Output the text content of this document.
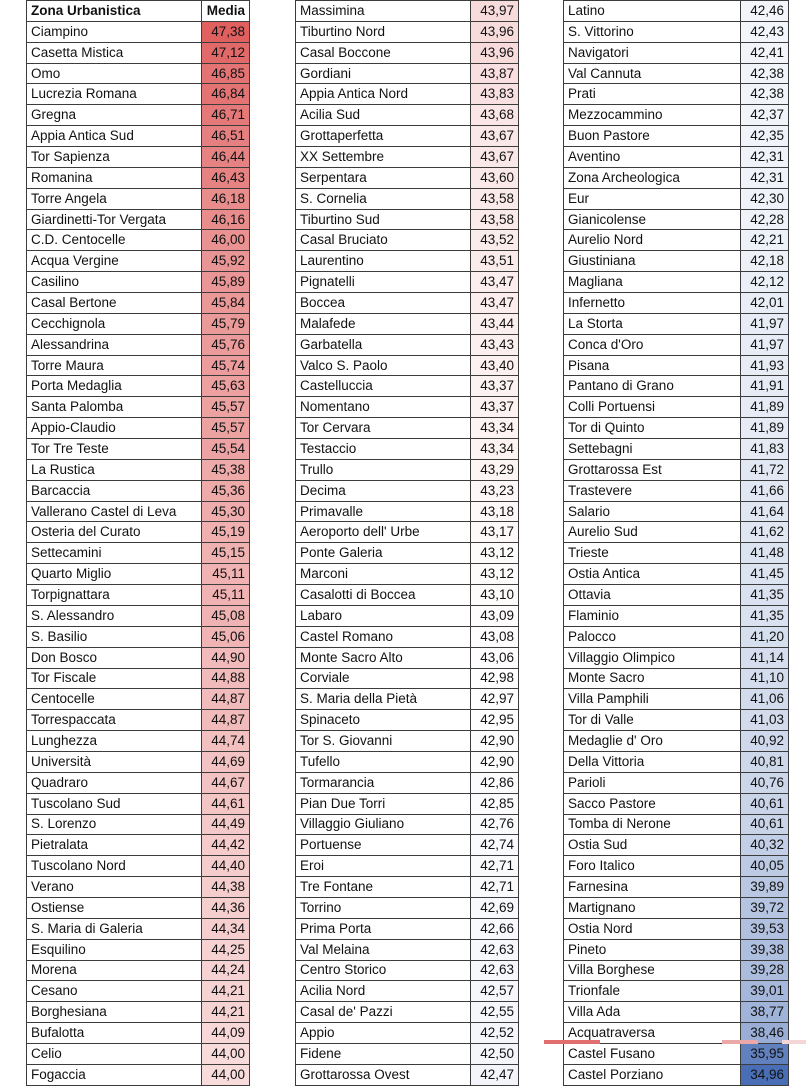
Zona Urbanistica	Media
Ciampino	47,38
Casetta Mistica	47,12
Omo	46,85
Lucrezia Romana	46,84
Gregna	46,71
Appia Antica Sud	46,51
Tor Sapienza	46,44
Romanina	46,43
Torre Angela	46,18
Giardinetti-Tor Vergata	46,16
C.D. Centocelle	46,00
Acqua Vergine	45,92
Casilino	45,89
Casal Bertone	45,84
Cecchignola	45,79
Alessandrina	45,76
Torre Maura	45,74
Porta Medaglia	45,63
Santa Palomba	45,57
Appio-Claudio	45,57
Tor Tre Teste	45,54
La Rustica	45,38
Barcaccia	45,36
Vallerano Castel di Leva	45,30
Osteria del Curato	45,19
Settecamini	45,15
Quarto Miglio	45,11
Torpignattara	45,11
S. Alessandro	45,08
S. Basilio	45,06
Don Bosco	44,90
Tor Fiscale	44,88
Centocelle	44,87
Torrespaccata	44,87
Lunghezza	44,74
Università	44,69
Quadraro	44,67
Tuscolano Sud	44,61
S. Lorenzo	44,49
Pietralata	44,42
Tuscolano Nord	44,40
Verano	44,38
Ostiense	44,36
S. Maria di Galeria	44,34
Esquilino	44,25
Morena	44,24
Cesano	44,21
Borghesiana	44,21
Bufalotta	44,09
Celio	44,00
Fogaccia	44,00
Massimina	43,97
Tiburtino Nord	43,96
Casal Boccone	43,96
Gordiani	43,87
Appia Antica Nord	43,83
Acilia Sud	43,68
Grottaperfetta	43,67
XX Settembre	43,67
Serpentara	43,60
S. Cornelia	43,58
Tiburtino Sud	43,58
Casal Bruciato	43,52
Laurentino	43,51
Pignatelli	43,47
Boccea	43,47
Malafede	43,44
Garbatella	43,43
Valco S. Paolo	43,40
Castelluccia	43,37
Nomentano	43,37
Tor Cervara	43,34
Testaccio	43,34
Trullo	43,29
Decima	43,23
Primavalle	43,18
Aeroporto dell' Urbe	43,17
Ponte Galeria	43,12
Marconi	43,12
Casalotti di Boccea	43,10
Labaro	43,09
Castel Romano	43,08
Monte Sacro Alto	43,06
Corviale	42,98
S. Maria della Pietà	42,97
Spinaceto	42,95
Tor S. Giovanni	42,90
Tufello	42,90
Tormarancia	42,86
Pian Due Torri	42,85
Villaggio Giuliano	42,76
Portuense	42,74
Eroi	42,71
Tre Fontane	42,71
Torrino	42,69
Prima Porta	42,66
Val Melaina	42,63
Centro Storico	42,63
Acilia Nord	42,57
Casal de' Pazzi	42,55
Appio	42,52
Fidene	42,50
Grottarossa Ovest	42,47
Latino	42,46
S. Vittorino	42,43
Navigatori	42,41
Val Cannuta	42,38
Prati	42,38
Mezzocammino	42,37
Buon Pastore	42,35
Aventino	42,31
Zona Archeologica	42,31
Eur	42,30
Gianicolense	42,28
Aurelio Nord	42,21
Giustiniana	42,18
Magliana	42,12
Infernetto	42,01
La Storta	41,97
Conca d'Oro	41,97
Pisana	41,93
Pantano di Grano	41,91
Colli Portuensi	41,89
Tor di Quinto	41,89
Settebagni	41,83
Grottarossa Est	41,72
Trastevere	41,66
Salario	41,64
Aurelio Sud	41,62
Trieste	41,48
Ostia Antica	41,45
Ottavia	41,35
Flaminio	41,35
Palocco	41,20
Villaggio Olimpico	41,14
Monte Sacro	41,10
Villa Pamphili	41,06
Tor di Valle	41,03
Medaglie d' Oro	40,92
Della Vittoria	40,81
Parioli	40,76
Sacco Pastore	40,61
Tomba di Nerone	40,61
Ostia Sud	40,32
Foro Italico	40,05
Farnesina	39,89
Martignano	39,72
Ostia Nord	39,53
Pineto	39,38
Villa Borghese	39,28
Trionfale	39,01
Villa Ada	38,77
Acquatraversa	38,46
Castel Fusano	35,95
Castel Porziano	34,96
